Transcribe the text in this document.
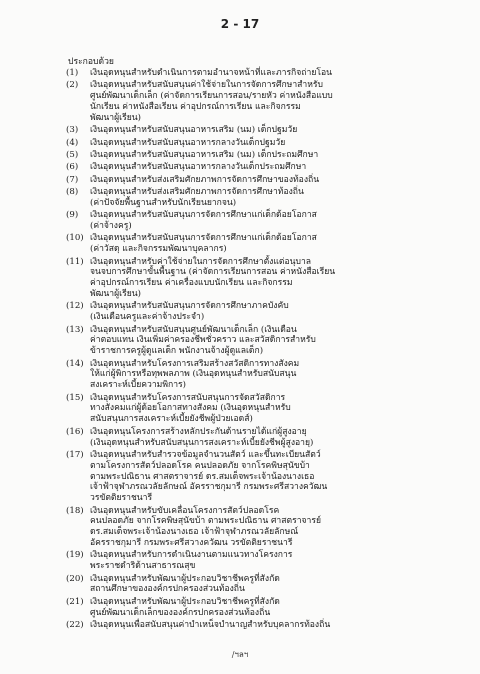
2 - 17
ประกอบด้วย
(1)	เงินอุดหนุนสำหรับดำเนินการตามอำนาจหน้าที่และภารกิจถ่ายโอน
(2)	เงินอุดหนุนสำหรับสนับสนุนค่าใช้จ่ายในการจัดการศึกษาสำหรับ
ศูนย์พัฒนาเด็กเล็ก (ค่าจัดการเรียนการสอน/รายหัว ค่าหนังสือแบบ
นักเรียน ค่าหนังสือเรียน ค่าอุปกรณ์การเรียน และกิจกรรม
พัฒนาผู้เรียน)
(3)	เงินอุดหนุนสำหรับสนับสนุนอาหารเสริม (นม) เด็กปฐมวัย
(4)	เงินอุดหนุนสำหรับสนับสนุนอาหารกลางวันเด็กปฐมวัย
(5)	เงินอุดหนุนสำหรับสนับสนุนอาหารเสริม (นม) เด็กประถมศึกษา
(6)	เงินอุดหนุนสำหรับสนับสนุนอาหารกลางวันเด็กประถมศึกษา
(7)	เงินอุดหนุนสำหรับส่งเสริมศักยภาพการจัดการศึกษาของท้องถิ่น
(8)	เงินอุดหนุนสำหรับส่งเสริมศักยภาพการจัดการศึกษาท้องถิ่น
(ค่าปัจจัยพื้นฐานสำหรับนักเรียนยากจน)
(9)	เงินอุดหนุนสำหรับสนับสนุนการจัดการศึกษาแก่เด็กด้อยโอกาส
(ค่าจ้างครู)
(10) เงินอุดหนุนสำหรับสนับสนุนการจัดการศึกษาแก่เด็กด้อยโอกาส
(ค่าวัสดุ และกิจกรรมพัฒนาบุคลากร)
(11) เงินอุดหนุนสำหรับค่าใช้จ่ายในการจัดการศึกษาตั้งแต่อนุบาล
จนจบการศึกษาขั้นพื้นฐาน (ค่าจัดการเรียนการสอน ค่าหนังสือเรียน
ค่าอุปกรณ์การเรียน ค่าเครื่องแบบนักเรียน และกิจกรรม
พัฒนาผู้เรียน)
(12) เงินอุดหนุนสำหรับสนับสนุนการจัดการศึกษาภาคบังคับ
(เงินเดือนครูและค่าจ้างประจำ)
(13) เงินอุดหนุนสำหรับสนับสนุนศูนย์พัฒนาเด็กเล็ก (เงินเดือน
ค่าตอบแทน เงินเพิ่มค่าครองชีพชั่วคราว และสวัสดิการสำหรับ
ข้าราชการครูผู้ดูแลเด็ก พนักงานจ้างผู้ดูแลเด็ก)
(14) เงินอุดหนุนสำหรับโครงการเสริมสร้างสวัสดิการทางสังคม
ให้แก่ผู้พิการหรือทุพพลภาพ (เงินอุดหนุนสำหรับสนับสนุน
สงเคราะห์เบี้ยความพิการ)
(15) เงินอุดหนุนสำหรับโครงการสนับสนุนการจัดสวัสดิการ
ทางสังคมแก่ผู้ด้อยโอกาสทางสังคม (เงินอุดหนุนสำหรับ
สนับสนุนการสงเคราะห์เบี้ยยังชีพผู้ป่วยเอดส์)
(16) เงินอุดหนุนโครงการสร้างหลักประกันด้านรายได้แก่ผู้สูงอายุ
(เงินอุดหนุนสำหรับสนับสนุนการสงเคราะห์เบี้ยยังชีพผู้สูงอายุ)
(17) เงินอุดหนุนสำหรับสำรวจข้อมูลจำนวนสัตว์ และขึ้นทะเบียนสัตว์
ตามโครงการสัตว์ปลอดโรค คนปลอดภัย จากโรคพิษสุนัขบ้า
ตามพระปณิธาน ศาสตราจารย์ ดร.สมเด็จพระเจ้าน้องนางเธอ
เจ้าฟ้าจุฬาภรณวลัยลักษณ์ อัครราชกุมารี กรมพระศรีสวางควัฒน
วรขัตติยราชนารี
(18) เงินอุดหนุนสำหรับขับเคลื่อนโครงการสัตว์ปลอดโรค
คนปลอดภัย จากโรคพิษสุนัขบ้า ตามพระปณิธาน ศาสตราจารย์
ดร.สมเด็จพระเจ้าน้องนางเธอ เจ้าฟ้าจุฬาภรณวลัยลักษณ์
อัครราชกุมารี กรมพระศรีสวางควัฒน วรขัตติยราชนารี
(19) เงินอุดหนุนสำหรับการดำเนินงานตามแนวทางโครงการ
พระราชดำริด้านสาธารณสุข
(20) เงินอุดหนุนสำหรับพัฒนาผู้ประกอบวิชาชีพครูที่สังกัด
สถานศึกษาขององค์กรปกครองส่วนท้องถิ่น
(21) เงินอุดหนุนสำหรับพัฒนาผู้ประกอบวิชาชีพครูที่สังกัด
ศูนย์พัฒนาเด็กเล็กขององค์กรปกครองส่วนท้องถิ่น
(22) เงินอุดหนุนเพื่อสนับสนุนค่าบำเหน็จบำนาญสำหรับบุคลากรท้องถิ่น
/ฯลฯ
